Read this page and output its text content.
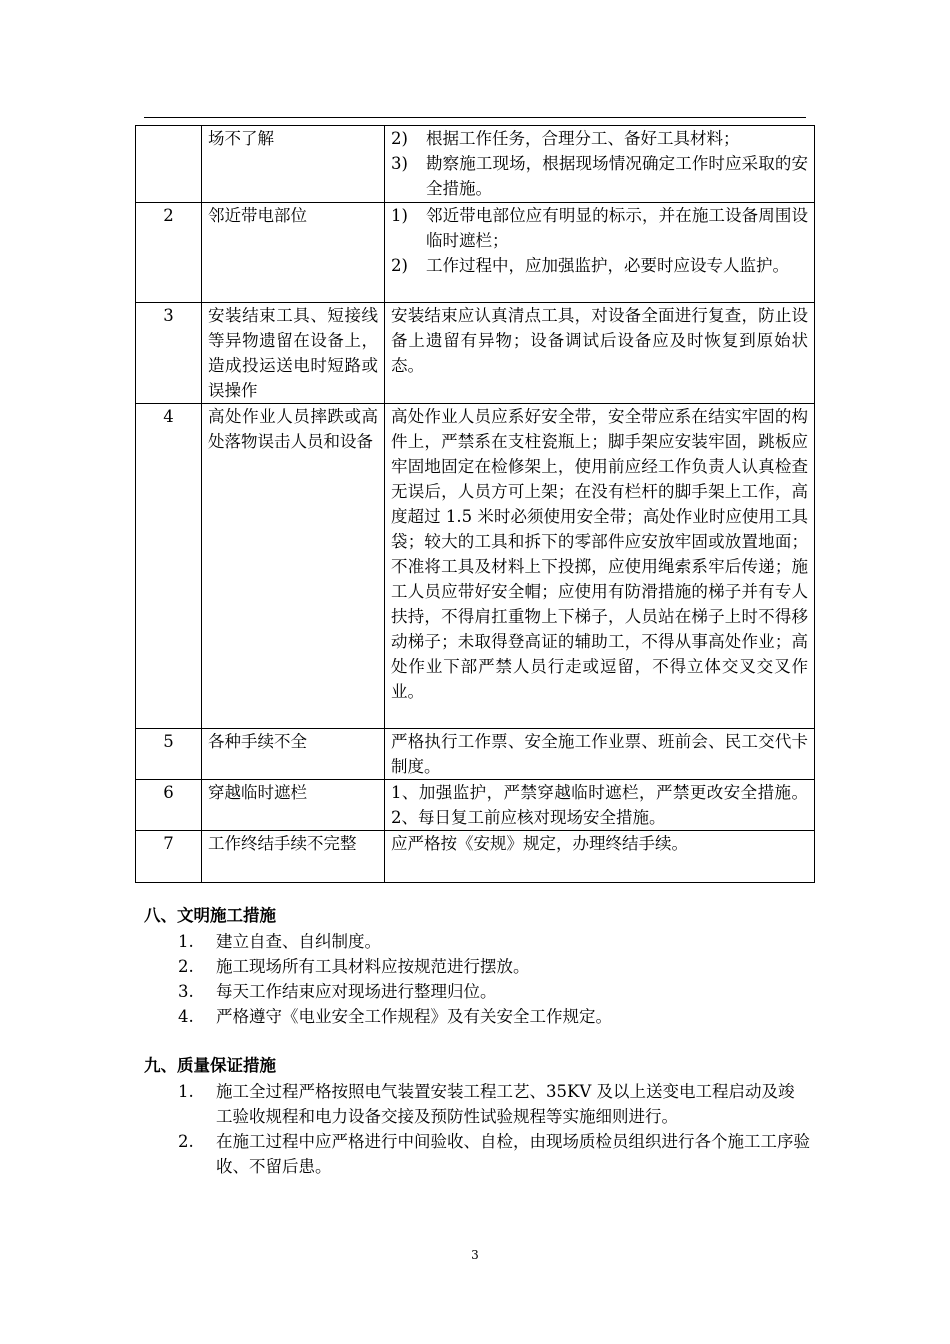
	场不了解	2) 根据工作任务，合理分工、备好工具材料；
3) 勘察施工现场，根据现场情况确定工作时应采取的安全措施。

2	邻近带电部位	1) 邻近带电部位应有明显的标示，并在施工设备周围设临时遮栏；
2) 工作过程中，应加强监护，必要时应设专人监护。

3	安装结束工具、短接线等异物遗留在设备上，造成投运送电时短路或误操作	安装结束应认真清点工具，对设备全面进行复查，防止设备上遗留有异物；设备调试后设备应及时恢复到原始状态。
4	高处作业人员摔跌或高处落物误击人员和设备	高处作业人员应系好安全带，安全带应系在结实牢固的构件上，严禁系在支柱瓷瓶上；脚手架应安装牢固，跳板应牢固地固定在检修架上，使用前应经工作负责人认真检查无误后，人员方可上架；在没有栏杆的脚手架上工作，高度超过 1.5 米时必须使用安全带；高处作业时应使用工具袋；较大的工具和拆下的零部件应安放牢固或放置地面；不准将工具及材料上下投掷，应使用绳索系牢后传递；施工人员应带好安全帽；应使用有防滑措施的梯子并有专人扶持，不得肩扛重物上下梯子，人员站在梯子上时不得移动梯子；未取得登高证的辅助工，不得从事高处作业；高处作业下部严禁人员行走或逗留，不得立体交叉交叉作业。
5	各种手续不全	严格执行工作票、安全施工作业票、班前会、民工交代卡制度。
6	穿越临时遮栏	1、加强监护，严禁穿越临时遮栏，严禁更改安全措施。2、每日复工前应核对现场安全措施。
7	工作终结手续不完整	应严格按《安规》规定，办理终结手续。
八、文明施工措施
1.	建立自查、自纠制度。
2.	施工现场所有工具材料应按规范进行摆放。
3.	每天工作结束应对现场进行整理归位。
4.	严格遵守《电业安全工作规程》及有关安全工作规定。
九、质量保证措施
1.	施工全过程严格按照电气装置安装工程工艺、35KV 及以上送变电工程启动及竣工验收规程和电力设备交接及预防性试验规程等实施细则进行。
2.	在施工过程中应严格进行中间验收、自检，由现场质检员组织进行各个施工工序验收、不留后患。
3
